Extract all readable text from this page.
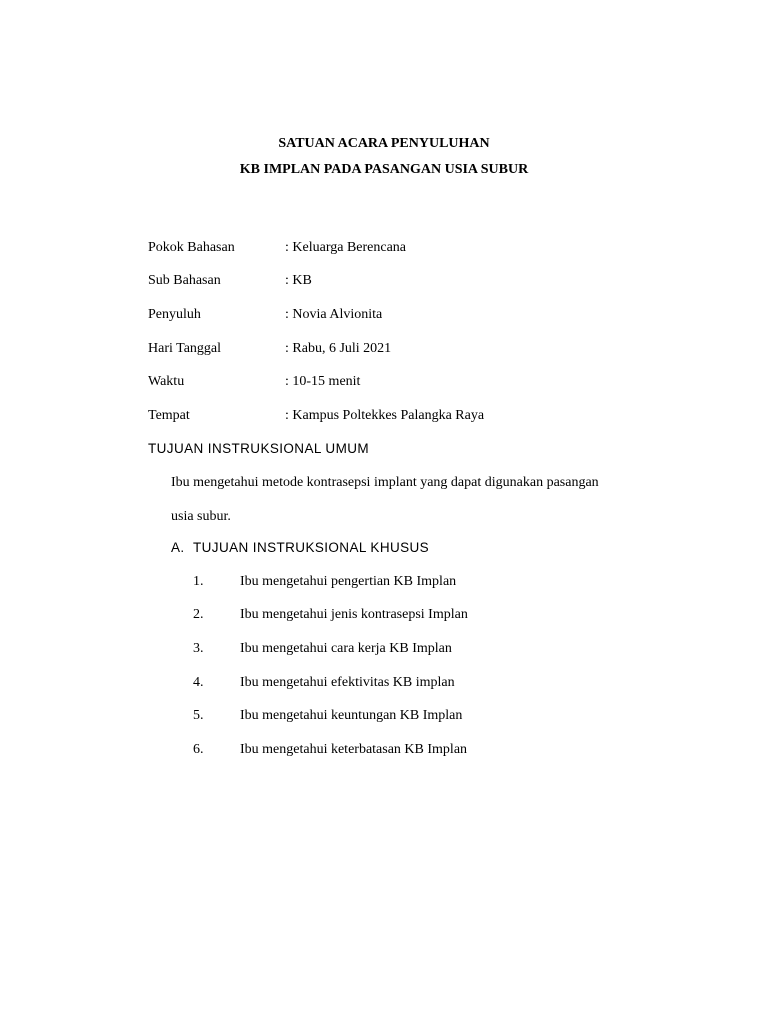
SATUAN ACARA PENYULUHAN
KB IMPLAN PADA PASANGAN USIA SUBUR
Pokok Bahasan	: Keluarga Berencana
Sub Bahasan	: KB
Penyuluh	: Novia Alvionita
Hari Tanggal	: Rabu, 6 Juli 2021
Waktu	: 10-15 menit
Tempat	: Kampus Poltekkes Palangka Raya
TUJUAN INSTRUKSIONAL UMUM
Ibu mengetahui metode kontrasepsi implant yang dapat digunakan pasangan
usia subur.
A. TUJUAN INSTRUKSIONAL KHUSUS
1.	Ibu mengetahui pengertian KB Implan
2.	Ibu mengetahui jenis kontrasepsi Implan
3.	Ibu mengetahui cara kerja KB Implan
4.	Ibu mengetahui efektivitas KB implan
5.	Ibu mengetahui keuntungan KB Implan
6.	Ibu mengetahui keterbatasan KB Implan
